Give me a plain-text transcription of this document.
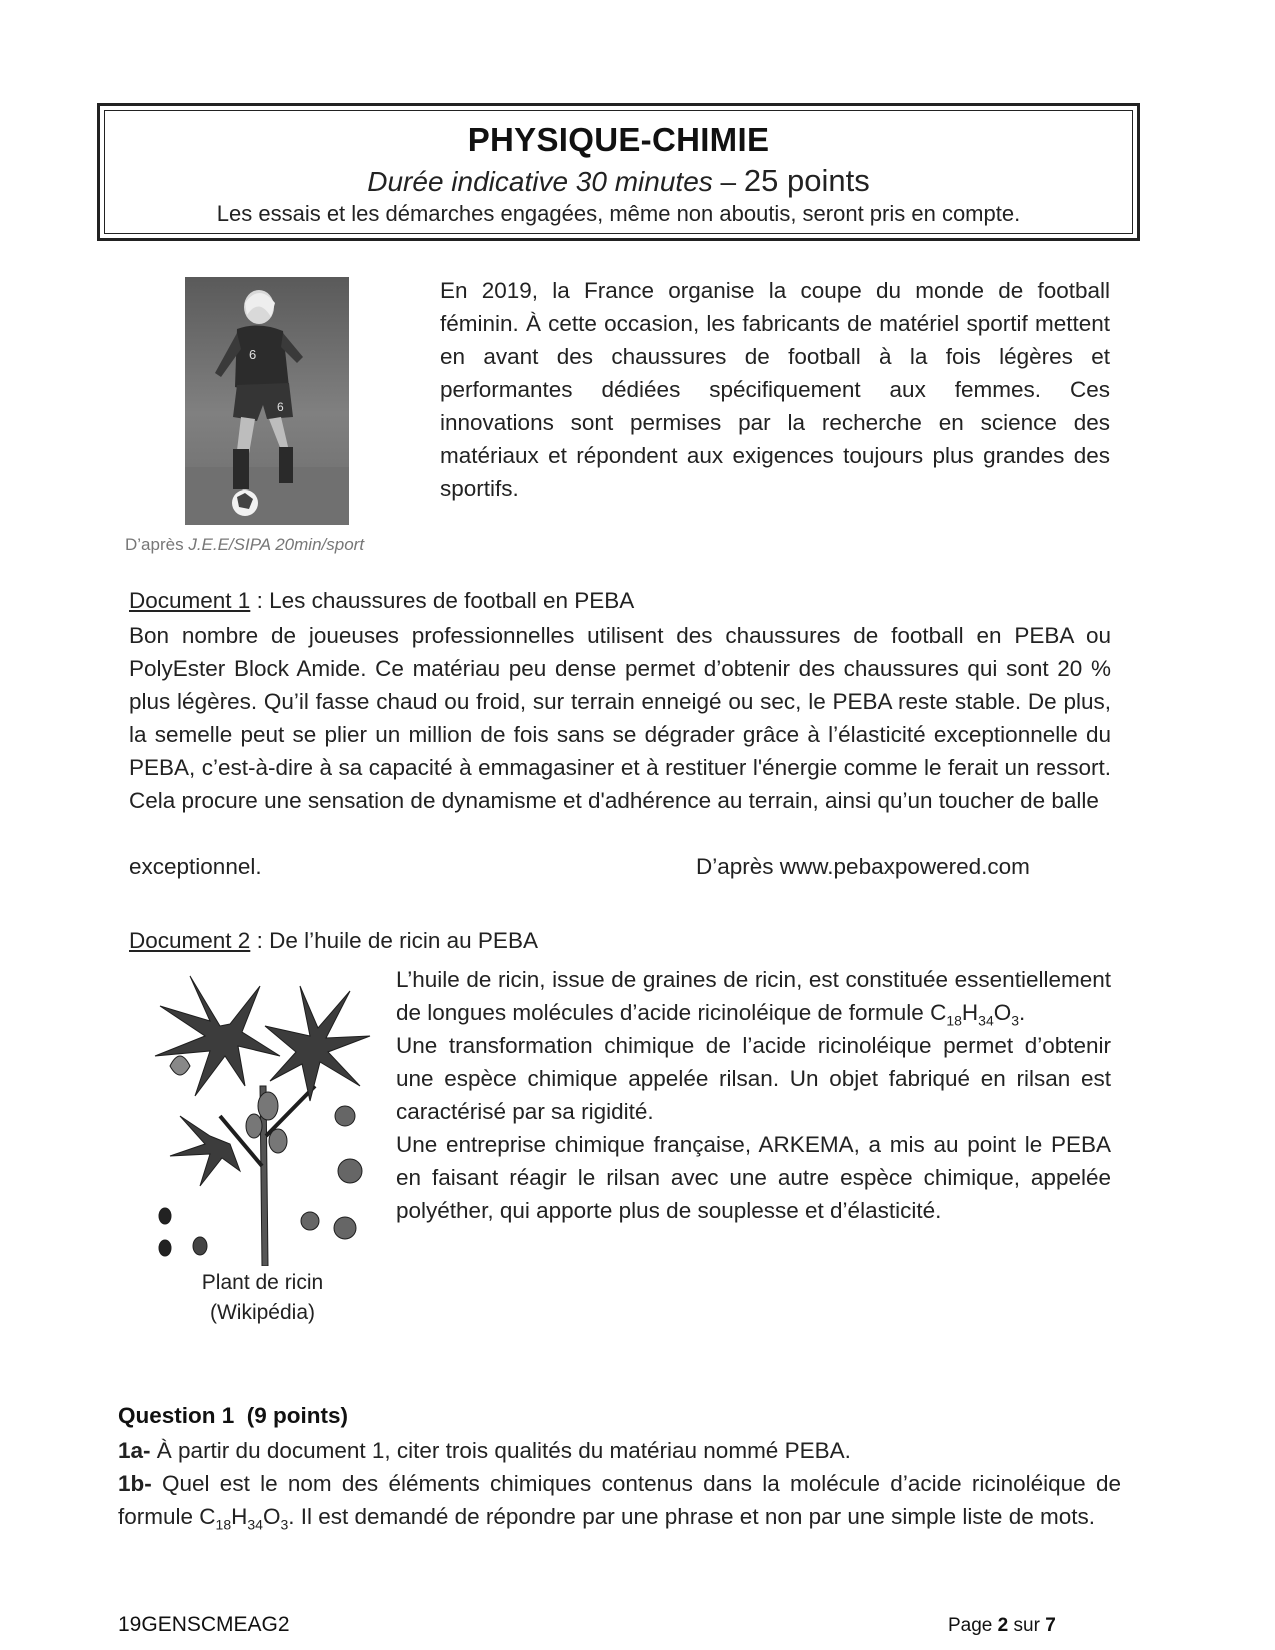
PHYSIQUE-CHIMIE
Durée indicative 30 minutes – 25 points
Les essais et les démarches engagées, même non aboutis, seront pris en compte.
6
6
En 2019, la France organise la coupe du monde de football féminin. À cette occasion, les fabricants de matériel sportif mettent en avant des chaussures de football à la fois légères et performantes dédiées spécifiquement aux femmes. Ces innovations sont permises par la recherche en science des matériaux et répondent aux exigences toujours plus grandes des sportifs.
D’après J.E.E/SIPA 20min/sport
Document 1 : Les chaussures de football en PEBA
Bon nombre de joueuses professionnelles utilisent des chaussures de football en PEBA ou PolyEster Block Amide. Ce matériau peu dense permet d’obtenir des chaussures qui sont 20 % plus légères. Qu’il fasse chaud ou froid, sur terrain enneigé ou sec, le PEBA reste stable. De plus, la semelle peut se plier un million de fois sans se dégrader grâce à l’élasticité exceptionnelle du PEBA, c’est-à-dire à sa capacité à emmagasiner et à restituer l'énergie comme le ferait un ressort. Cela procure une sensation de dynamisme et d'adhérence au terrain, ainsi qu’un toucher de balle
exceptionnel.	D’après www.pebaxpowered.com
Document 2 : De l’huile de ricin au PEBA
Plant de ricin
(Wikipédia)
L’huile de ricin, issue de graines de ricin, est constituée essentiellement de longues molécules d’acide ricinoléique de formule $C_{18}H_{34}O_3$.
Une transformation chimique de l’acide ricinoléique permet d’obtenir une espèce chimique appelée rilsan. Un objet fabriqué en rilsan est caractérisé par sa rigidité.
Une entreprise chimique française, ARKEMA, a mis au point le PEBA en faisant réagir le rilsan avec une autre espèce chimique, appelée polyéther, qui apporte plus de souplesse et d’élasticité.
Question 1  (9 points)
1a- À partir du document 1, citer trois qualités du matériau nommé PEBA.
1b- Quel est le nom des éléments chimiques contenus dans la molécule d’acide ricinoléique de formule $C_{18}H_{34}O_3$. Il est demandé de répondre par une phrase et non par une simple liste de mots.
19GENSCMEAG2	Page 2 sur 7
